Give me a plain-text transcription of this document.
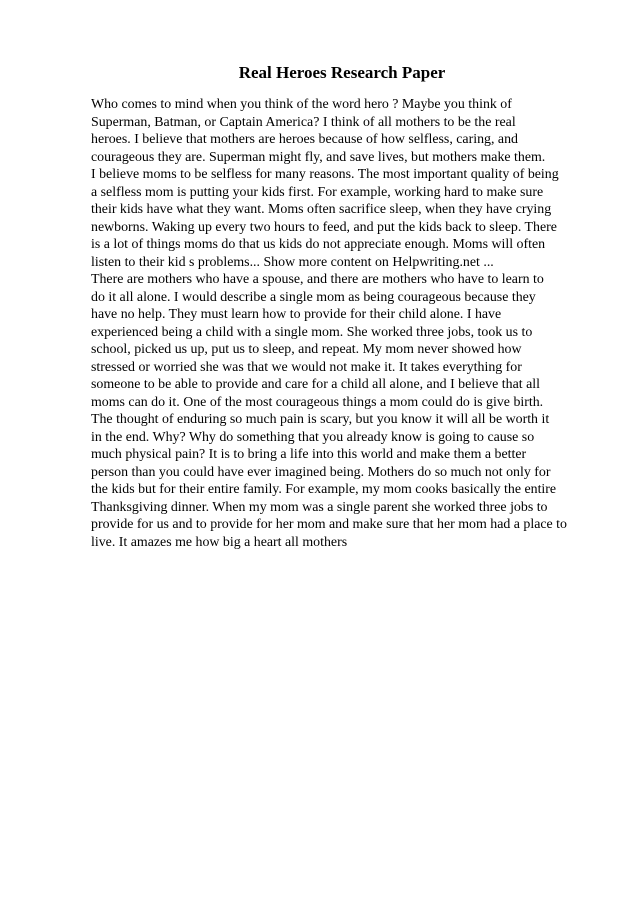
Real Heroes Research Paper
Who comes to mind when you think of the word hero ? Maybe you think of
Superman, Batman, or Captain America? I think of all mothers to be the real
heroes. I believe that mothers are heroes because of how selfless, caring, and
courageous they are. Superman might fly, and save lives, but mothers make them.
I believe moms to be selfless for many reasons. The most important quality of being
a selfless mom is putting your kids first. For example, working hard to make sure
their kids have what they want. Moms often sacrifice sleep, when they have crying
newborns. Waking up every two hours to feed, and put the kids back to sleep. There
is a lot of things moms do that us kids do not appreciate enough. Moms will often
listen to their kid s problems... Show more content on Helpwriting.net ...
There are mothers who have a spouse, and there are mothers who have to learn to
do it all alone. I would describe a single mom as being courageous because they
have no help. They must learn how to provide for their child alone. I have
experienced being a child with a single mom. She worked three jobs, took us to
school, picked us up, put us to sleep, and repeat. My mom never showed how
stressed or worried she was that we would not make it. It takes everything for
someone to be able to provide and care for a child all alone, and I believe that all
moms can do it. One of the most courageous things a mom could do is give birth.
The thought of enduring so much pain is scary, but you know it will all be worth it
in the end. Why? Why do something that you already know is going to cause so
much physical pain? It is to bring a life into this world and make them a better
person than you could have ever imagined being. Mothers do so much not only for
the kids but for their entire family. For example, my mom cooks basically the entire
Thanksgiving dinner. When my mom was a single parent she worked three jobs to
provide for us and to provide for her mom and make sure that her mom had a place to
live. It amazes me how big a heart all mothers
